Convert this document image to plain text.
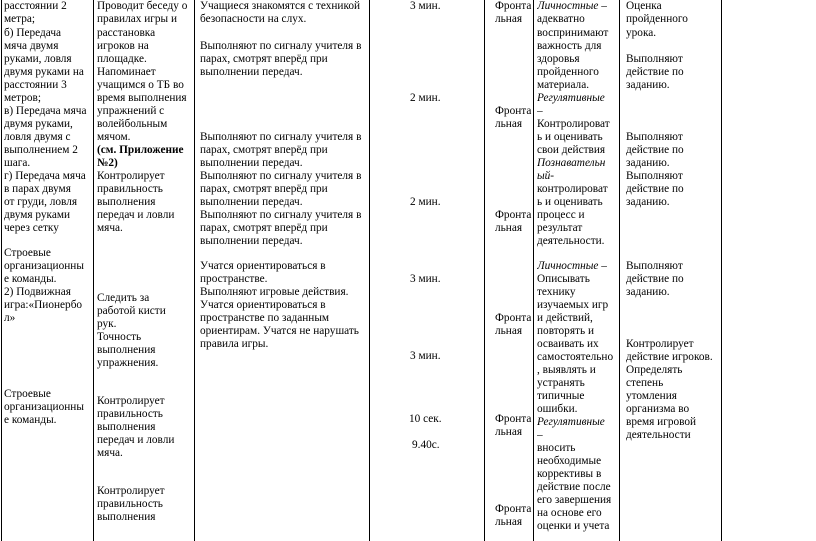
расстоянии 2
метра;
б) Передача
мяча двумя
руками, ловля
двумя руками на
расстоянии 3
метров;
в) Передача мяча
двумя руками,
ловля двумя с
выполнением 2
шага.
г) Передача мяча
в парах двумя
от груди, ловля
двумя руками
через сетку
Строевые
организационны
е команды.
2) Подвижная
игра:«Пионербо
л»
Строевые
организационны
е команды.
Проводит беседу о
правилах игры и
расстановка
игроков на
площадке.
Напоминает
учащимся о ТБ во
время выполнения
упражнений с
волейбольным
мячом.
(см. Приложение
№2)
Контролирует
правильность
выполнения
передач и ловли
мяча.
Следить за
работой кисти
рук.
Точность
выполнения
упражнения.
Контролирует
правильность
выполнения
передач и ловли
мяча.
Контролирует
правильность
выполнения
Учащиеся знакомятся с техникой
безопасности на слух.
Выполняют по сигналу учителя в
парах, смотрят вперёд при
выполнении передач.
Выполняют по сигналу учителя в
парах, смотрят вперёд при
выполнении передач.
Выполняют по сигналу учителя в
парах, смотрят вперёд при
выполнении передач.
Выполняют по сигналу учителя в
парах, смотрят вперёд при
выполнении передач.
Учатся ориентироваться в
пространстве.
Выполняют игровые действия.
Учатся ориентироваться в
пространстве по заданным
ориентирам. Учатся не нарушать
правила игры.
3 мин.
2 мин.
2 мин.
3 мин.
3 мин.
10 сек.
9.40с.
Фронта
льная
Фронта
льная
Фронта
льная
Фронта
льная
Фронта
льная
Фронта
льная
Личностные –
адекватно
воспринимают
важность для
здоровья
пройденного
материала.
Регулятивные
–
Контролироват
ь и оценивать
свои действия
Познавательн
ый-
контролироват
ь и оценивать
процесс и
результат
деятельности.
Личностные –
Описывать
технику
изучаемых игр
и действий,
повторять и
осваивать их
самостоятельно
, выявлять и
устранять
типичные
ошибки.
Регулятивные
–
вносить
необходимые
коррективы в
действие после
его завершения
на основе его
оценки и учета
Оценка
пройденного
урока.
Выполняют
действие по
заданию.
Выполняют
действие по
заданию.
Выполняют
действие по
заданию.
Выполняют
действие по
заданию.
Контролирует
действие игроков.
Определять
степень
утомления
организма во
время игровой
деятельности
